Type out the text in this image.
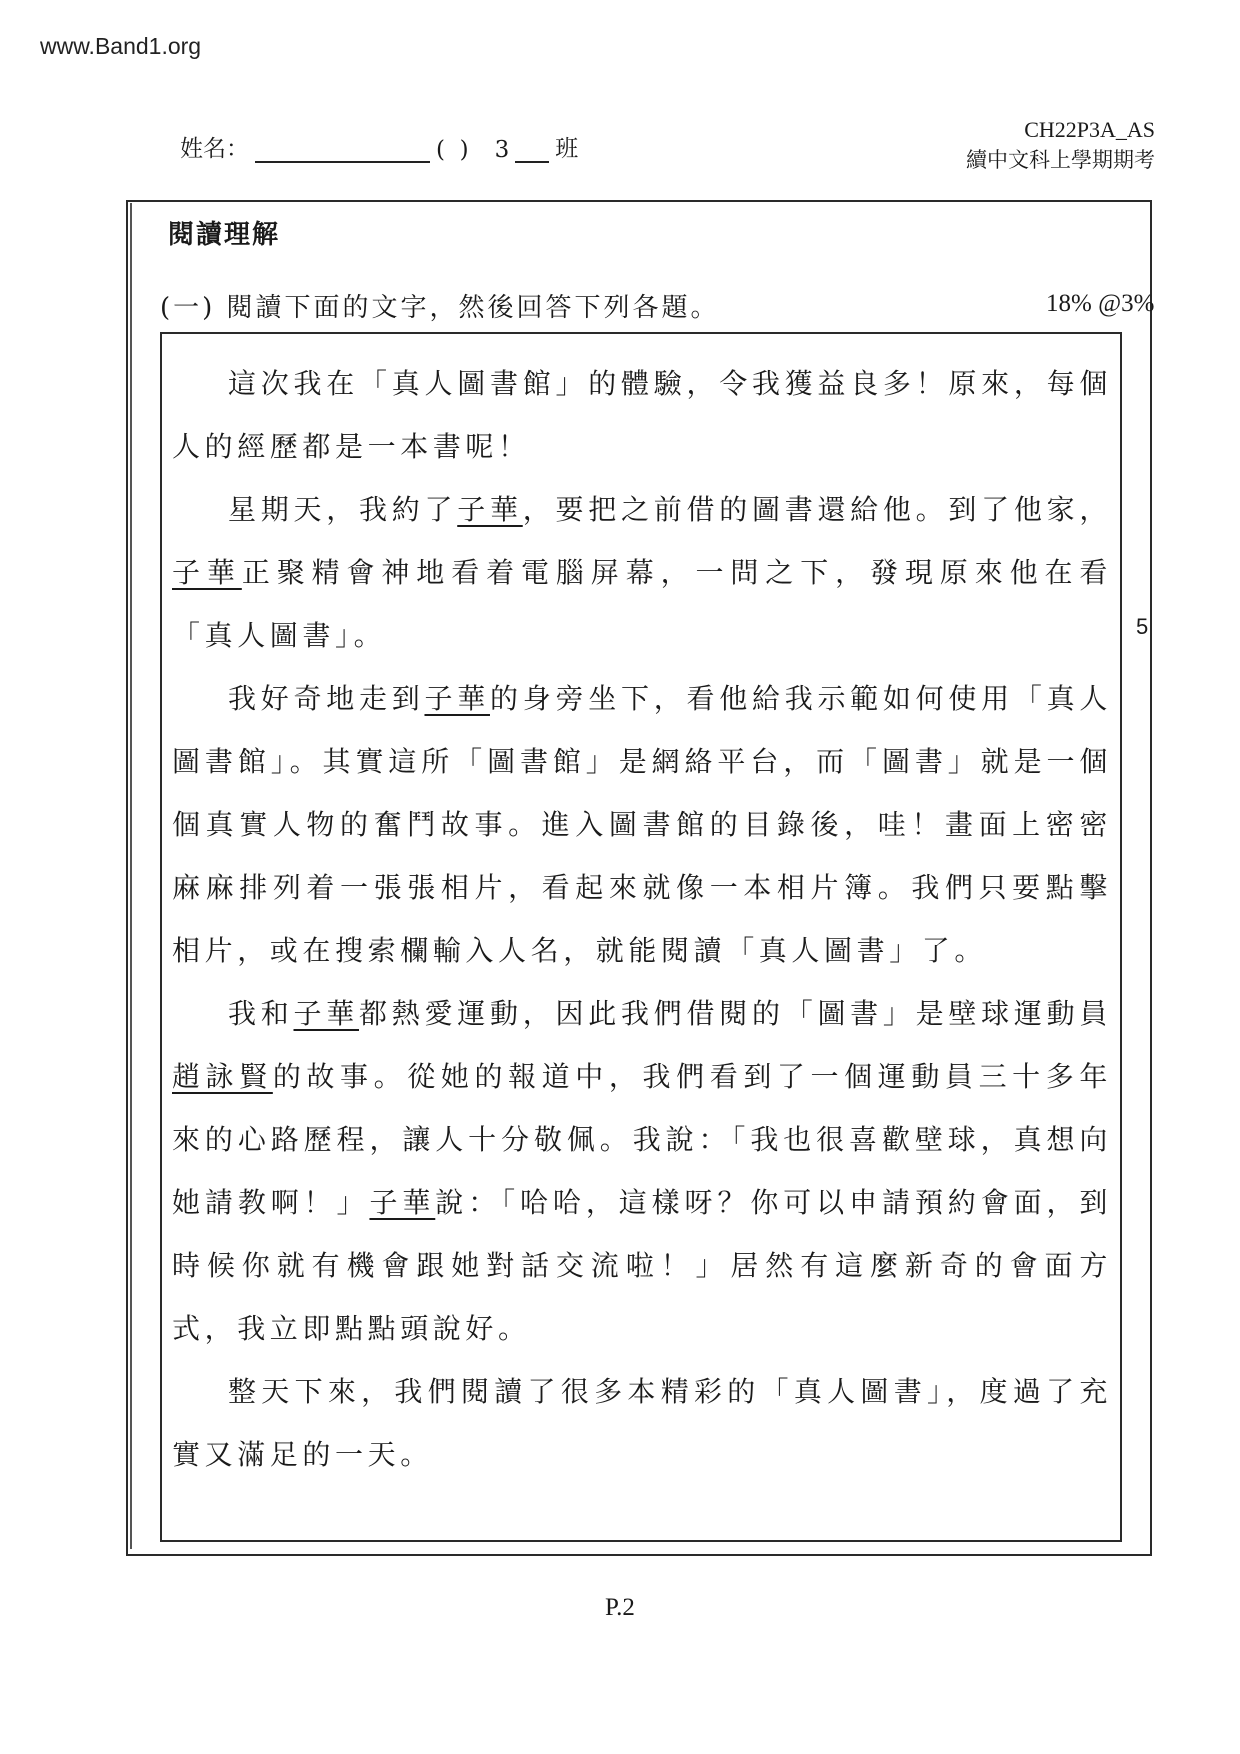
www.Band1.org
姓名：	(  ) 3 班
CH22P3A_AS
續中文科上學期期考
閱讀理解
(一) 閱讀下面的文字，然後回答下列各題。	18% @3%

這次我在「真人圖書館」的體驗，令我獲益良多！原來，每個人的經歷都是一本書呢！

星期天，我約了子華，要把之前借的圖書還給他。到了他家，子華正聚精會神地看着電腦屏幕，一問之下，發現原來他在看「真人圖書」。

我好奇地走到子華的身旁坐下，看他給我示範如何使用「真人圖書館」。其實這所「圖書館」是網絡平台，而「圖書」就是一個個真實人物的奮鬥故事。進入圖書館的目錄後，哇！畫面上密密麻麻排列着一張張相片，看起來就像一本相片簿。我們只要點擊相片，或在搜索欄輸入人名，就能閱讀「真人圖書」了。

我和子華都熱愛運動，因此我們借閱的「圖書」是壁球運動員趙詠賢的故事。從她的報道中，我們看到了一個運動員三十多年來的心路歷程，讓人十分敬佩。我說：「我也很喜歡壁球，真想向她請教啊！」子華說：「哈哈，這樣呀？你可以申請預約會面，到時候你就有機會跟她對話交流啦！」居然有這麼新奇的會面方式，我立即點點頭說好。

整天下來，我們閱讀了很多本精彩的「真人圖書」，度過了充實又滿足的一天。

5
P.2
